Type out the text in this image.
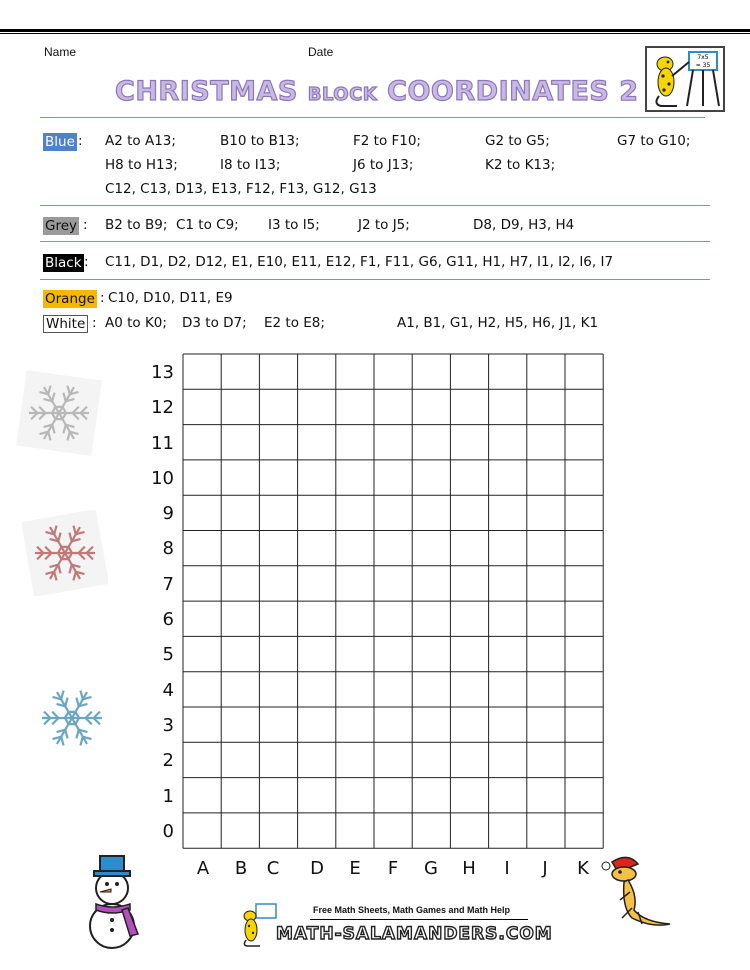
Name	Date
CHRISTMAS BLOCK COORDINATES 2
7x5
= 35
Blue : A2 to A13;	B10 to B13;	F2 to F10;	G2 to G5;	G7 to G10;
H8 to H13;	I8 to I13;	J6 to J13;	K2 to K13;
C12, C13, D13, E13, F12, F13, G12, G13
Grey : B2 to B9; C1 to C9; I3 to I5;	J2 to J5;	D8, D9, H3, H4
Black : C11, D1, D2, D12, E1, E10, E11, E12, F1, F11, G6, G11, H1, H7, I1, I2, I6, I7
Orange : C10, D10, D11, E9
White : A0 to K0; D3 to D7; E2 to E8;	A1, B1, G1, H2, H5, H6, J1, K1
13
12
11
10
9
8
7
6
5
4
3
2
1
0
A	B	C	D	E	F	G	H	I	J	K
Free Math Sheets, Math Games and Math Help
MATH-SALAMANDERS.COM
